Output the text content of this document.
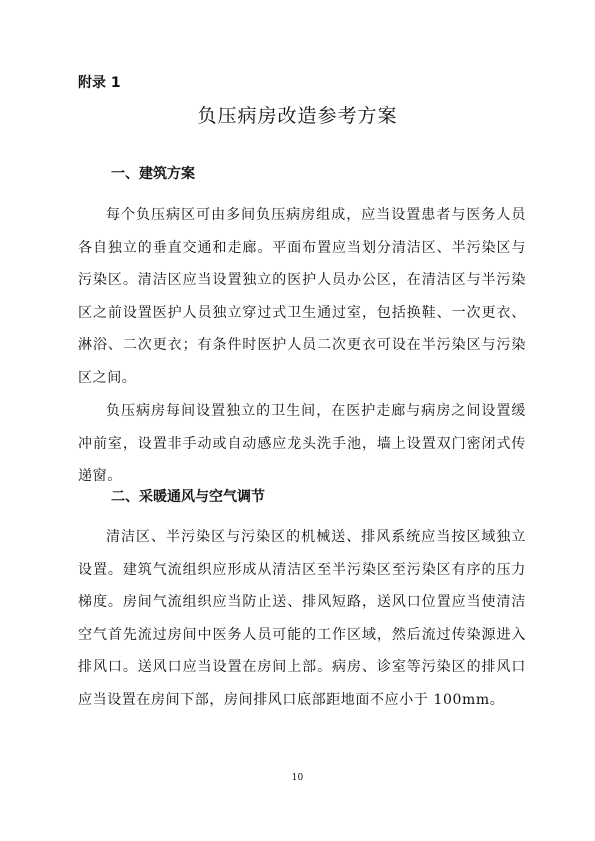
附录 1
负压病房改造参考方案
一、建筑方案

每个负压病区可由多间负压病房组成，应当设置患者与医务人员各自独立的垂直交通和走廊。平面布置应当划分清洁区、半污染区与污染区。清洁区应当设置独立的医护人员办公区，在清洁区与半污染区之前设置医护人员独立穿过式卫生通过室，包括换鞋、一次更衣、淋浴、二次更衣；有条件时医护人员二次更衣可设在半污染区与污染区之间。

负压病房每间设置独立的卫生间，在医护走廊与病房之间设置缓冲前室，设置非手动或自动感应龙头洗手池，墙上设置双门密闭式传递窗。

二、采暖通风与空气调节

清洁区、半污染区与污染区的机械送、排风系统应当按区域独立设置。建筑气流组织应形成从清洁区至半污染区至污染区有序的压力梯度。房间气流组织应当防止送、排风短路，送风口位置应当使清洁空气首先流过房间中医务人员可能的工作区域，然后流过传染源进入排风口。送风口应当设置在房间上部。病房、诊室等污染区的排风口应当设置在房间下部，房间排风口底部距地面不应小于 100mm。

10
